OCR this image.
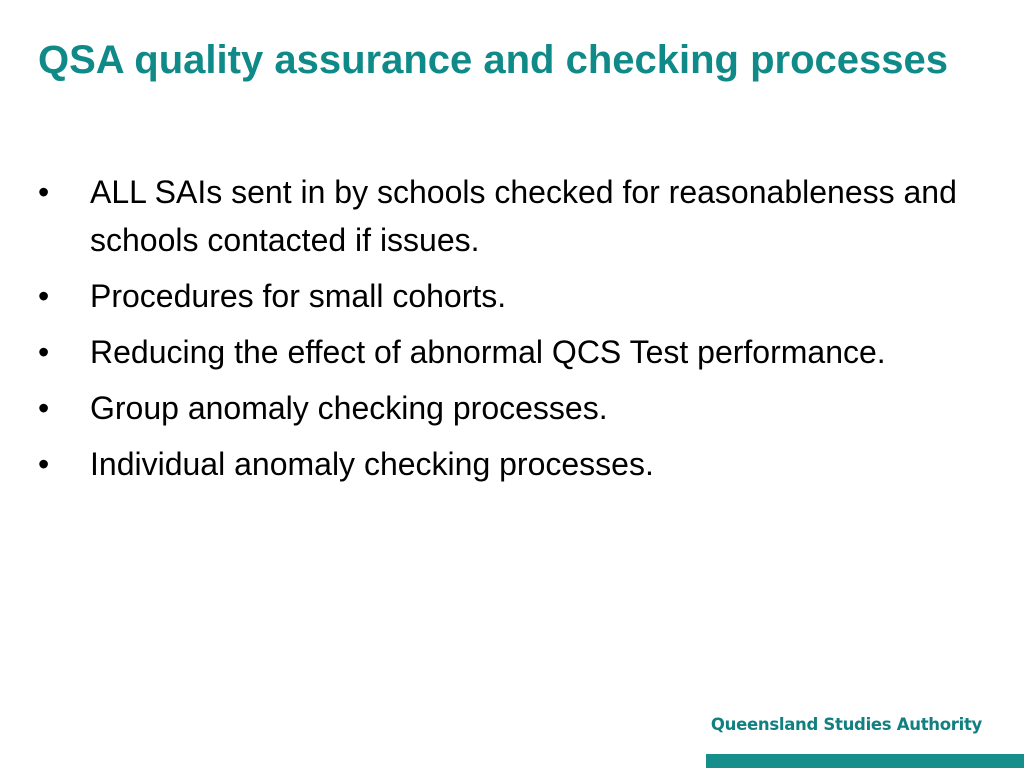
QSA quality assurance and checking processes
•	ALL SAIs sent in by schools checked for reasonableness and schools contacted if issues.
•	Procedures for small cohorts.
•	Reducing the effect of abnormal QCS Test performance.
•	Group anomaly checking processes.
•	Individual anomaly checking processes.
Queensland Studies Authority
